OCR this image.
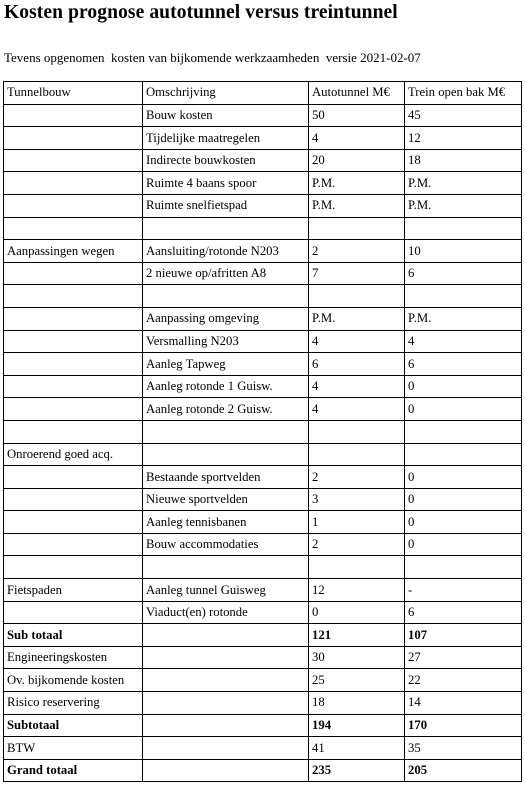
Kosten prognose autotunnel versus treintunnel

Tevens opgenomen  kosten van bijkomende werkzaamheden  versie 2021-02-07

Tunnelbouw	Omschrijving	Autotunnel M€	Trein open bak M€
	Bouw kosten	50	45
	Tijdelijke maatregelen	4	12
	Indirecte bouwkosten	20	18
	Ruimte 4 baans spoor	P.M.	P.M.
	Ruimte snelfietspad	P.M.	P.M.

Aanpassingen wegen	Aansluiting/rotonde N203	2	10
	2 nieuwe op/afritten A8	7	6

	Aanpassing omgeving	P.M.	P.M.
	Versmalling N203	4	4
	Aanleg Tapweg	6	6
	Aanleg rotonde 1 Guisw.	4	0
	Aanleg rotonde 2 Guisw.	4	0

Onroerend goed acq.			
	Bestaande sportvelden	2	0
	Nieuwe sportvelden	3	0
	Aanleg tennisbanen	1	0
	Bouw accommodaties	2	0

Fietspaden	Aanleg tunnel Guisweg	12	-
	Viaduct(en) rotonde	0	6
Sub totaal		121	107
Engineeringskosten		30	27
Ov. bijkomende kosten		25	22
Risico reservering		18	14
Subtotaal		194	170
BTW		41	35
Grand totaal		235	205
